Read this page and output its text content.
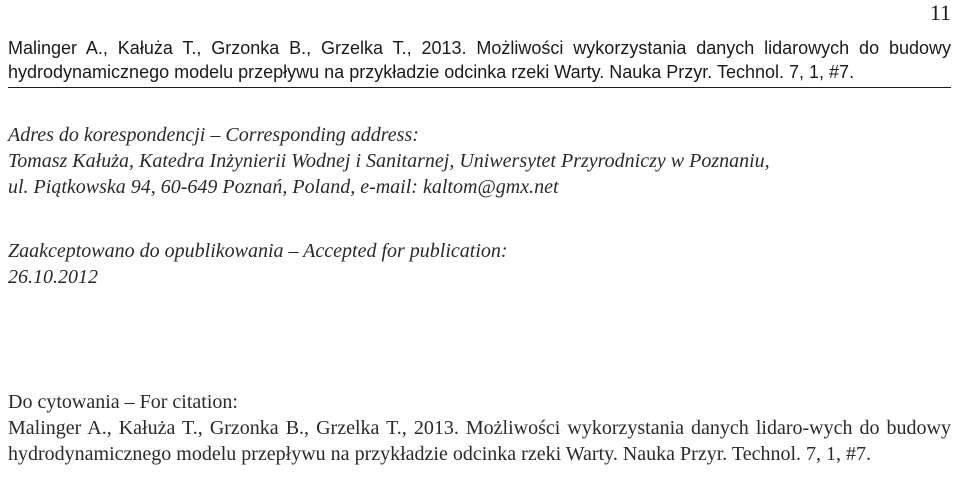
11
Malinger A., Kałuża T., Grzonka B., Grzelka T., 2013. Możliwości wykorzystania danych lidarowych do budowy hydrodynamicznego modelu przepływu na przykładzie odcinka rzeki Warty. Nauka Przyr. Technol. 7, 1, #7.
Adres do korespondencji – Corresponding address:
Tomasz Kałuża, Katedra Inżynierii Wodnej i Sanitarnej, Uniwersytet Przyrodniczy w Poznaniu,
ul. Piątkowska 94, 60-649 Poznań, Poland, e-mail: kaltom@gmx.net
Zaakceptowano do opublikowania – Accepted for publication:
26.10.2012
Do cytowania – For citation:
Malinger A., Kałuża T., Grzonka B., Grzelka T., 2013. Możliwości wykorzystania danych lidaro-wych do budowy hydrodynamicznego modelu przepływu na przykładzie odcinka rzeki Warty. Nauka Przyr. Technol. 7, 1, #7.
